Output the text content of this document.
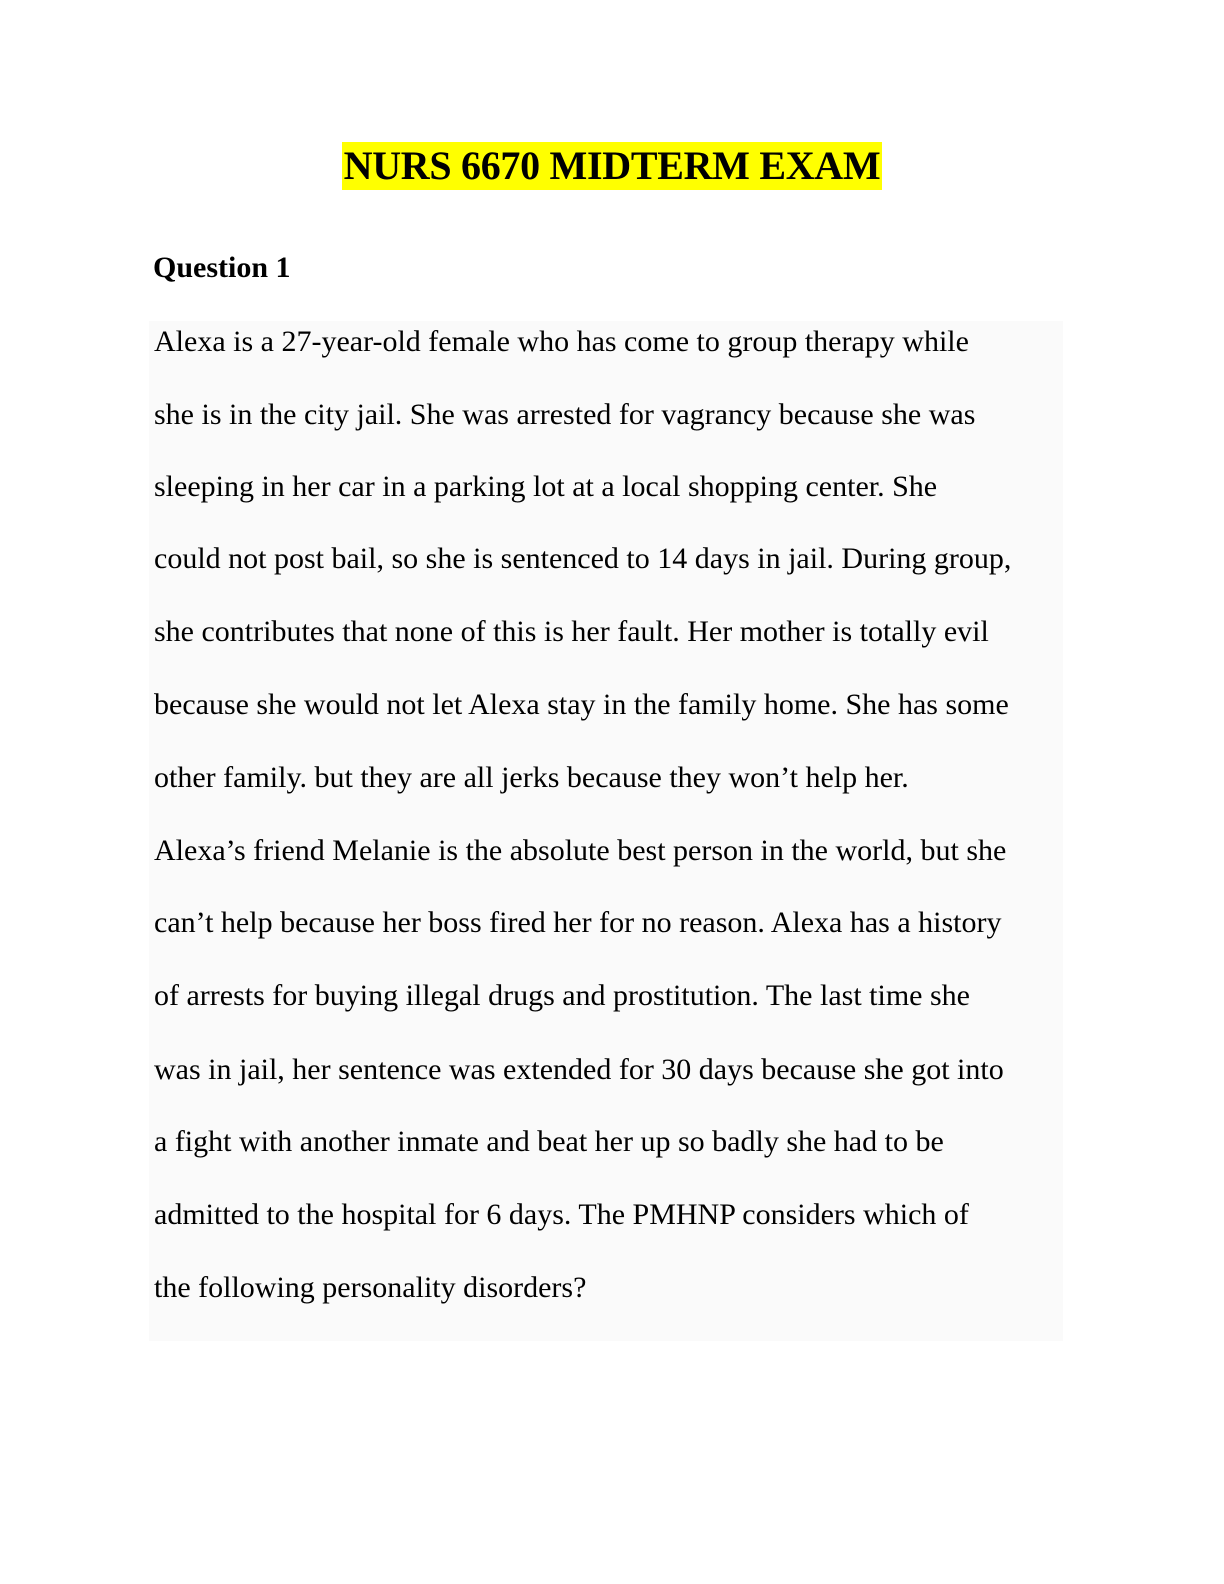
NURS 6670 MIDTERM EXAM
Question 1
Alexa is a 27-year-old female who has come to group therapy while
she is in the city jail. She was arrested for vagrancy because she was
sleeping in her car in a parking lot at a local shopping center. She
could not post bail, so she is sentenced to 14 days in jail. During group,
she contributes that none of this is her fault. Her mother is totally evil
because she would not let Alexa stay in the family home. She has some
other family. but they are all jerks because they won’t help her.
Alexa’s friend Melanie is the absolute best person in the world, but she
can’t help because her boss fired her for no reason. Alexa has a history
of arrests for buying illegal drugs and prostitution. The last time she
was in jail, her sentence was extended for 30 days because she got into
a fight with another inmate and beat her up so badly she had to be
admitted to the hospital for 6 days. The PMHNP considers which of
the following personality disorders?
